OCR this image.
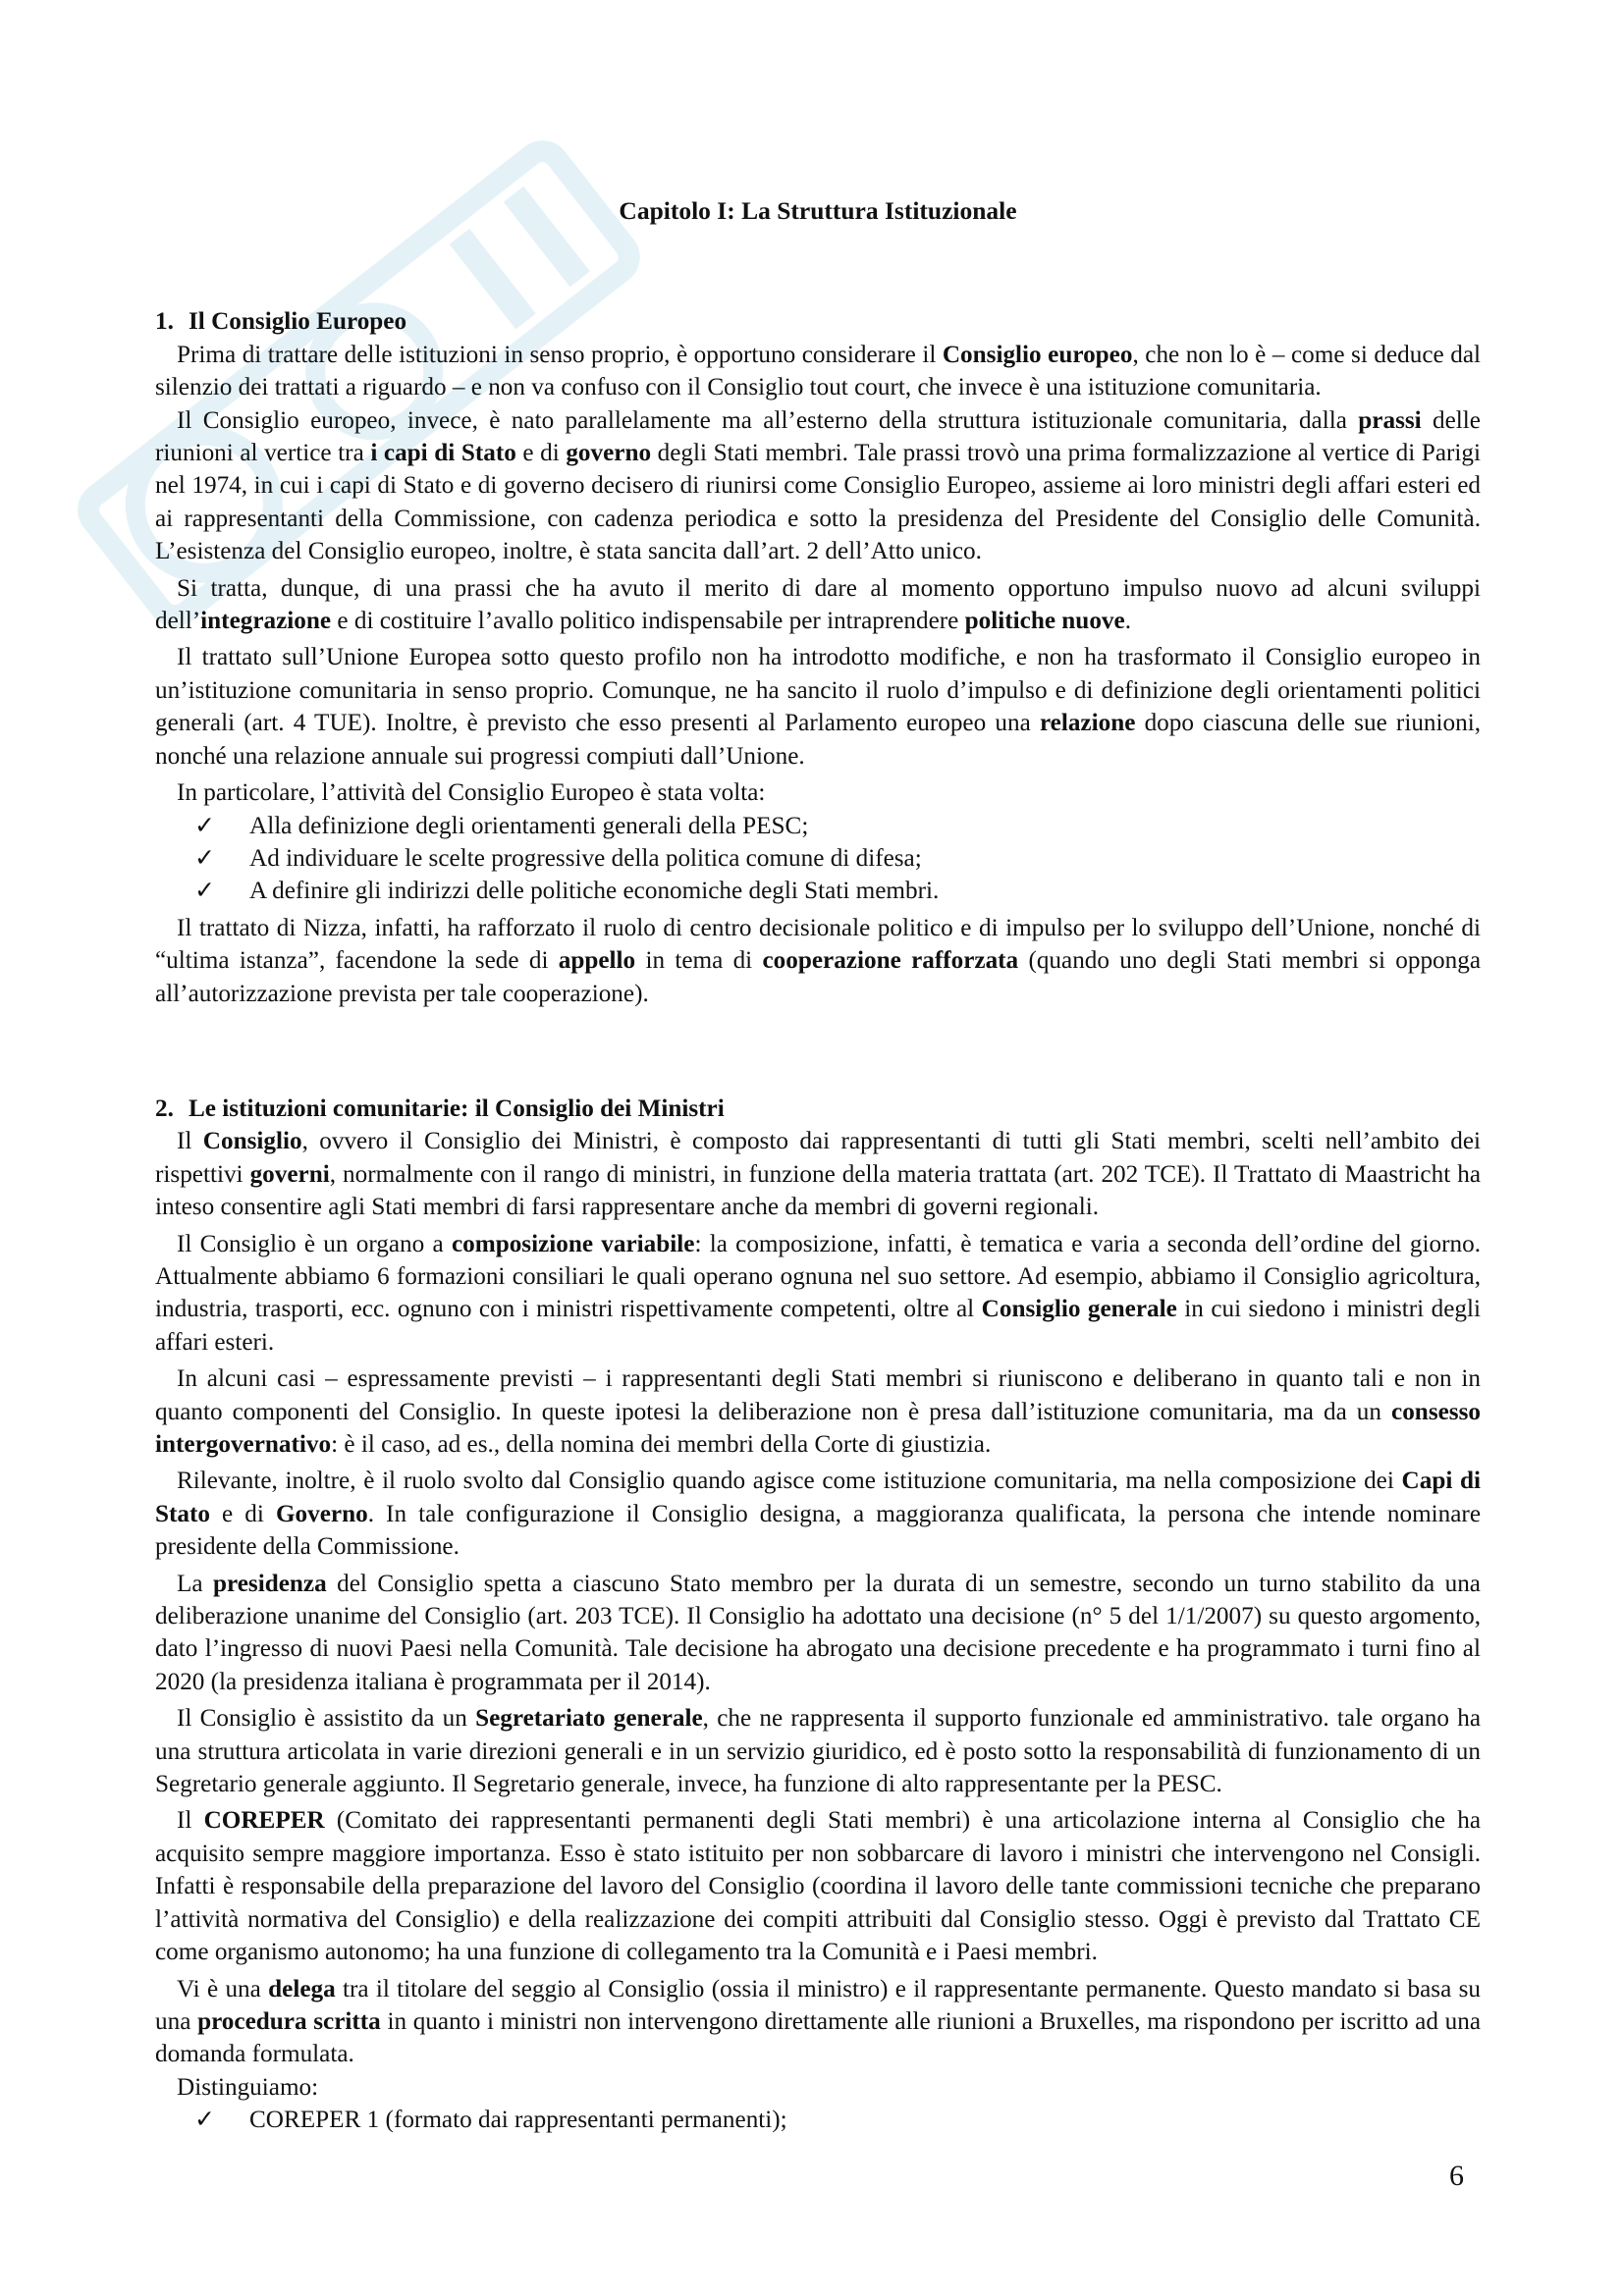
Capitolo I: La Struttura Istituzionale
1. Il Consiglio Europeo

Prima di trattare delle istituzioni in senso proprio, è opportuno considerare il Consiglio europeo, che non lo è – come si deduce dal silenzio dei trattati a riguardo – e non va confuso con il Consiglio tout court, che invece è una istituzione comunitaria.

Il Consiglio europeo, invece, è nato parallelamente ma all’esterno della struttura istituzionale comunitaria, dalla prassi delle riunioni al vertice tra i capi di Stato e di governo degli Stati membri. Tale prassi trovò una prima formalizzazione al vertice di Parigi nel 1974, in cui i capi di Stato e di governo decisero di riunirsi come Consiglio Europeo, assieme ai loro ministri degli affari esteri ed ai rappresentanti della Commissione, con cadenza periodica e sotto la presidenza del Presidente del Consiglio delle Comunità. L’esistenza del Consiglio europeo, inoltre, è stata sancita dall’art. 2 dell’Atto unico.

Si tratta, dunque, di una prassi che ha avuto il merito di dare al momento opportuno impulso nuovo ad alcuni sviluppi dell’integrazione e di costituire l’avallo politico indispensabile per intraprendere politiche nuove.

Il trattato sull’Unione Europea sotto questo profilo non ha introdotto modifiche, e non ha trasformato il Consiglio europeo in un’istituzione comunitaria in senso proprio. Comunque, ne ha sancito il ruolo d’impulso e di definizione degli orientamenti politici generali (art. 4 TUE). Inoltre, è previsto che esso presenti al Parlamento europeo una relazione dopo ciascuna delle sue riunioni, nonché una relazione annuale sui progressi compiuti dall’Unione.

In particolare, l’attività del Consiglio Europeo è stata volta:

✓	Alla definizione degli orientamenti generali della PESC;
✓	Ad individuare le scelte progressive della politica comune di difesa;
✓	A definire gli indirizzi delle politiche economiche degli Stati membri.

Il trattato di Nizza, infatti, ha rafforzato il ruolo di centro decisionale politico e di impulso per lo sviluppo dell’Unione, nonché di “ultima istanza”, facendone la sede di appello in tema di cooperazione rafforzata (quando uno degli Stati membri si opponga all’autorizzazione prevista per tale cooperazione).

2. Le istituzioni comunitarie: il Consiglio dei Ministri

Il Consiglio, ovvero il Consiglio dei Ministri, è composto dai rappresentanti di tutti gli Stati membri, scelti nell’ambito dei rispettivi governi, normalmente con il rango di ministri, in funzione della materia trattata (art. 202 TCE). Il Trattato di Maastricht ha inteso consentire agli Stati membri di farsi rappresentare anche da membri di governi regionali.

Il Consiglio è un organo a composizione variabile: la composizione, infatti, è tematica e varia a seconda dell’ordine del giorno. Attualmente abbiamo 6 formazioni consiliari le quali operano ognuna nel suo settore. Ad esempio, abbiamo il Consiglio agricoltura, industria, trasporti, ecc. ognuno con i ministri rispettivamente competenti, oltre al Consiglio generale in cui siedono i ministri degli affari esteri.

In alcuni casi – espressamente previsti – i rappresentanti degli Stati membri si riuniscono e deliberano in quanto tali e non in quanto componenti del Consiglio. In queste ipotesi la deliberazione non è presa dall’istituzione comunitaria, ma da un consesso intergovernativo: è il caso, ad es., della nomina dei membri della Corte di giustizia.

Rilevante, inoltre, è il ruolo svolto dal Consiglio quando agisce come istituzione comunitaria, ma nella composizione dei Capi di Stato e di Governo. In tale configurazione il Consiglio designa, a maggioranza qualificata, la persona che intende nominare presidente della Commissione.

La presidenza del Consiglio spetta a ciascuno Stato membro per la durata di un semestre, secondo un turno stabilito da una deliberazione unanime del Consiglio (art. 203 TCE). Il Consiglio ha adottato una decisione (n° 5 del 1/1/2007) su questo argomento, dato l’ingresso di nuovi Paesi nella Comunità. Tale decisione ha abrogato una decisione precedente e ha programmato i turni fino al 2020 (la presidenza italiana è programmata per il 2014).

Il Consiglio è assistito da un Segretariato generale, che ne rappresenta il supporto funzionale ed amministrativo. tale organo ha una struttura articolata in varie direzioni generali e in un servizio giuridico, ed è posto sotto la responsabilità di funzionamento di un Segretario generale aggiunto. Il Segretario generale, invece, ha funzione di alto rappresentante per la PESC.

Il COREPER (Comitato dei rappresentanti permanenti degli Stati membri) è una articolazione interna al Consiglio che ha acquisito sempre maggiore importanza. Esso è stato istituito per non sobbarcare di lavoro i ministri che intervengono nel Consigli. Infatti è responsabile della preparazione del lavoro del Consiglio (coordina il lavoro delle tante commissioni tecniche che preparano l’attività normativa del Consiglio) e della realizzazione dei compiti attribuiti dal Consiglio stesso. Oggi è previsto dal Trattato CE come organismo autonomo; ha una funzione di collegamento tra la Comunità e i Paesi membri.

Vi è una delega tra il titolare del seggio al Consiglio (ossia il ministro) e il rappresentante permanente. Questo mandato si basa su una procedura scritta in quanto i ministri non intervengono direttamente alle riunioni a Bruxelles, ma rispondono per iscritto ad una domanda formulata.

Distinguiamo:

✓	COREPER 1 (formato dai rappresentanti permanenti);
6
